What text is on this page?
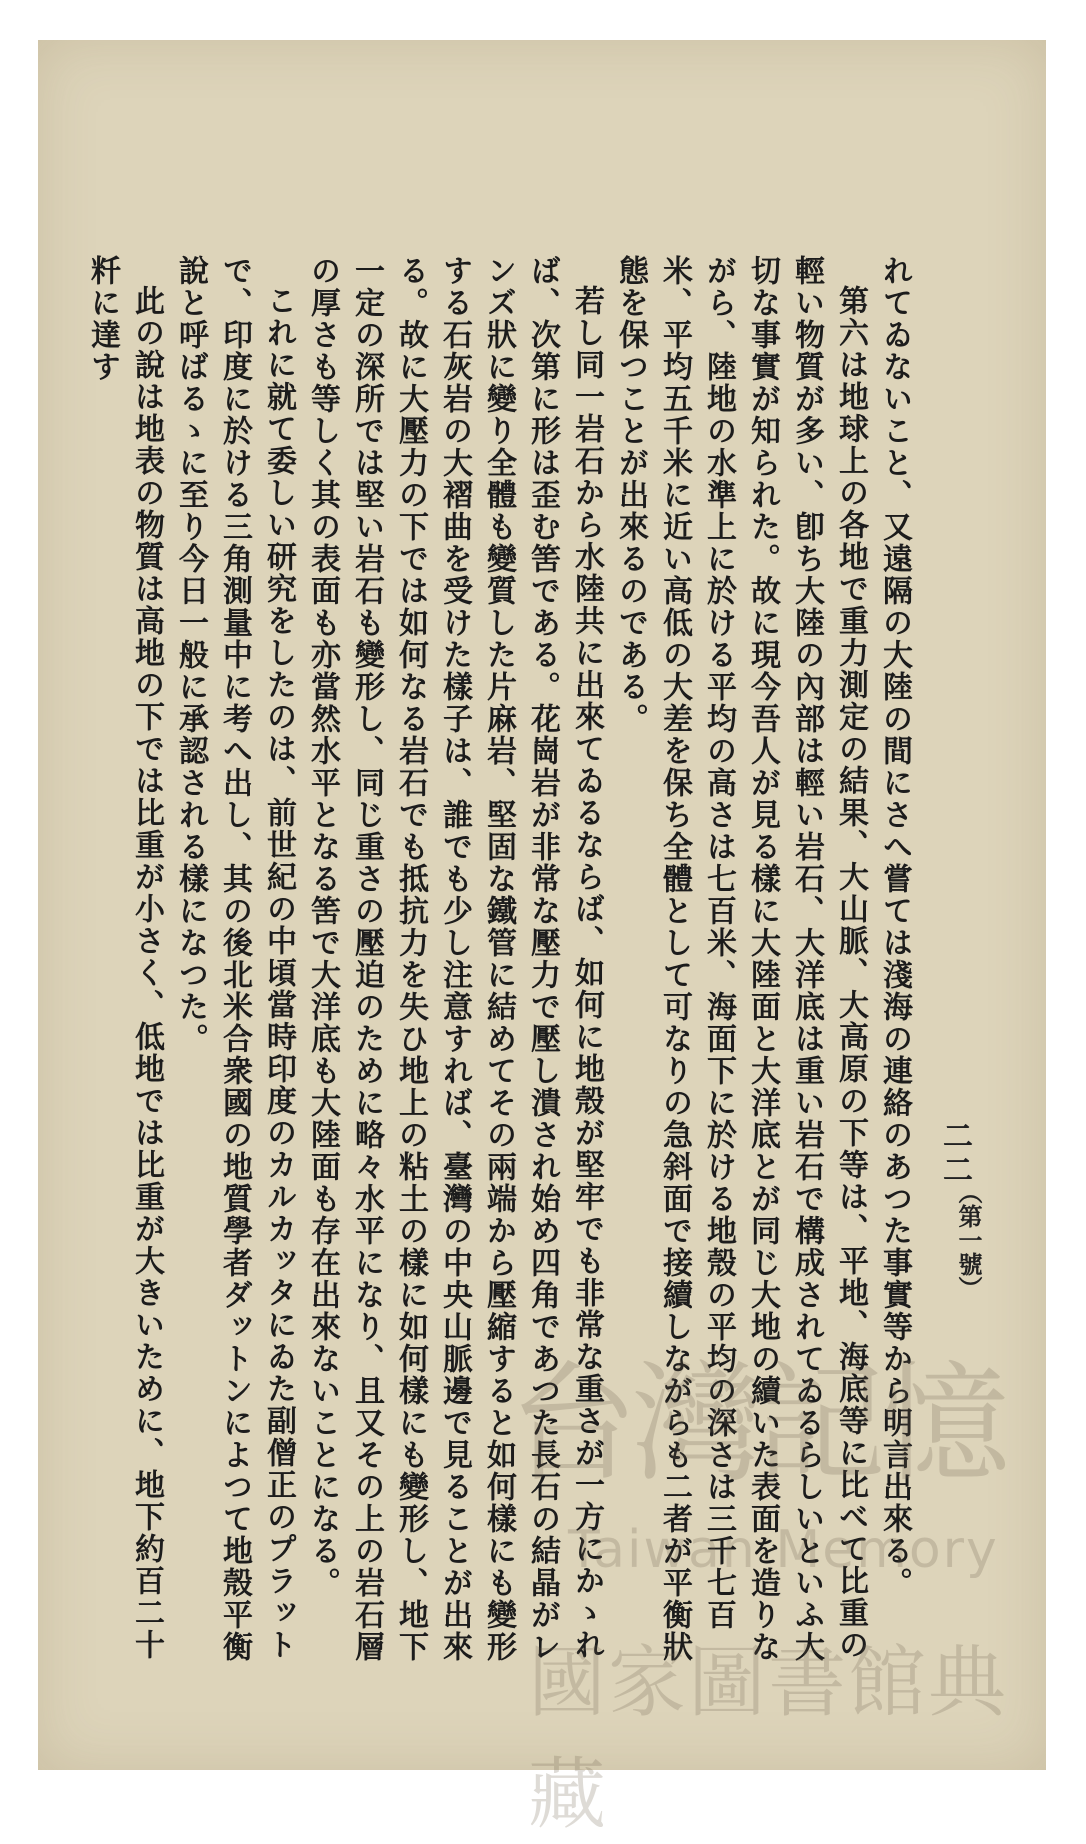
二二
（第一號）

れてゐないこと、又遠隔の大陸の間にさへ嘗ては淺海の連絡のあつた事實等から明言出來る。

第六は地球上の各地で重力測定の結果、大山脈、大高原の下等は、平地、海底等に比べて比重の輕い物質が多い、卽ち大陸の內部は輕い岩石、大洋底は重い岩石で構成されてゐるらしいといふ大切な事實が知られた。故に現今吾人が見る樣に大陸面と大洋底とが同じ大地の續いた表面を造りながら、陸地の水準上に於ける平均の高さは七百米、海面下に於ける地殼の平均の深さは三千七百米、平均五千米に近い高低の大差を保ち全體として可なりの急斜面で接續しながらも二者が平衡狀態を保つことが出來るのである。

若し同一岩石から水陸共に出來てゐるならば、如何に地殼が堅牢でも非常な重さが一方にかゝれば、次第に形は歪む筈である。花崗岩が非常な壓力で壓し潰され始め四角であつた長石の結晶がレンズ狀に變り全體も變質した片麻岩、堅固な鐵管に結めてその兩端から壓縮すると如何樣にも變形する石灰岩の大褶曲を受けた樣子は、誰でも少し注意すれば、臺灣の中央山脈邊で見ることが出來る。故に大壓力の下では如何なる岩石でも抵抗力を失ひ地上の粘土の樣に如何樣にも變形し、地下一定の深所では堅い岩石も變形し、同じ重さの壓迫のために略々水平になり、且又その上の岩石層の厚さも等しく其の表面も亦當然水平となる筈で大洋底も大陸面も存在出來ないことになる。

これに就て委しい研究をしたのは、前世紀の中頃當時印度のカルカッタにゐた副僧正のプラットで、印度に於ける三角測量中に考へ出し、其の後北米合衆國の地質學者ダットンによつて地殼平衡說と呼ばるゝに至り今日一般に承認される樣になつた。

此の說は地表の物質は高地の下では比重が小さく、低地では比重が大きいために、地下約百二十粁に達す

台灣記憶
Taiwan Memory
國家圖書館典藏
